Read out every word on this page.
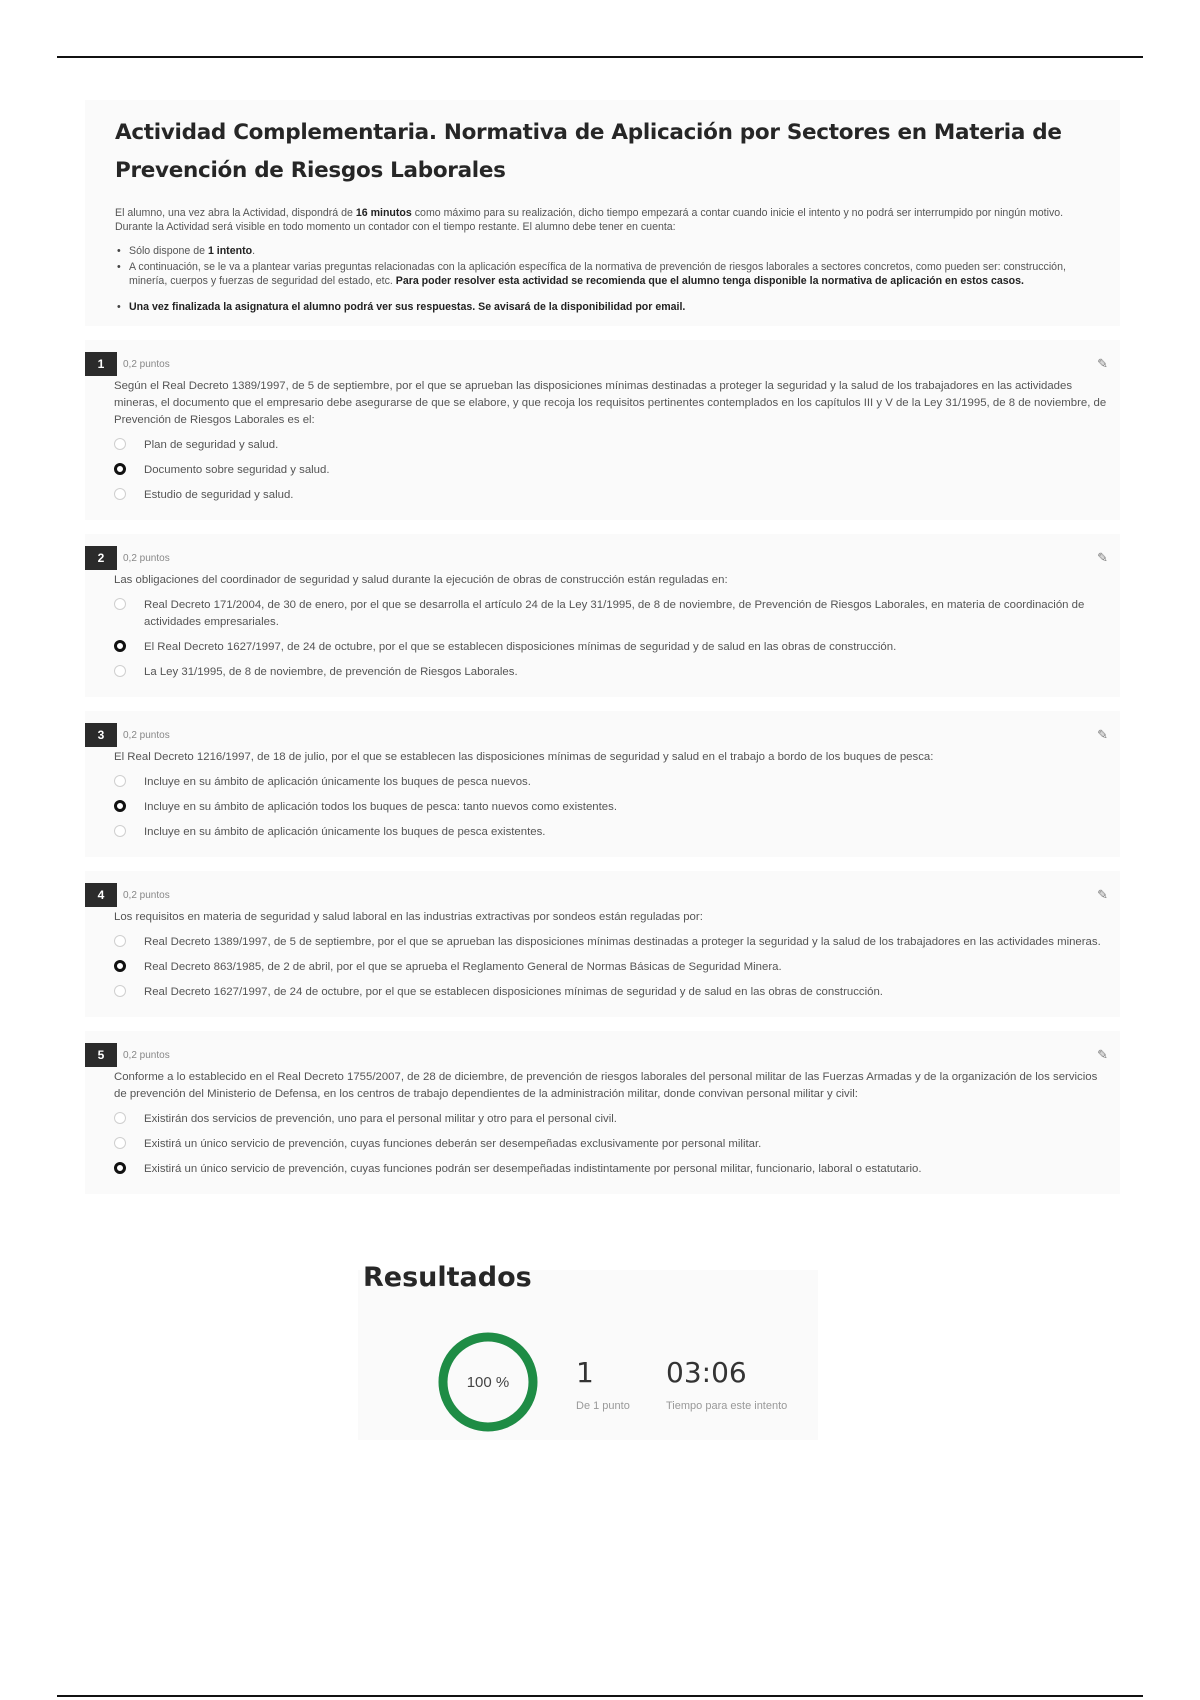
Actividad Complementaria. Normativa de Aplicación por Sectores en Materia de Prevención de Riesgos Laborales

El alumno, una vez abra la Actividad, dispondrá de 16 minutos como máximo para su realización, dicho tiempo empezará a contar cuando inicie el intento y no podrá ser interrumpido por ningún motivo. Durante la Actividad será visible en todo momento un contador con el tiempo restante. El alumno debe tener en cuenta:

• Sólo dispone de 1 intento.
• A continuación, se le va a plantear varias preguntas relacionadas con la aplicación específica de la normativa de prevención de riesgos laborales a sectores concretos, como pueden ser: construcción, minería, cuerpos y fuerzas de seguridad del estado, etc. Para poder resolver esta actividad se recomienda que el alumno tenga disponible la normativa de aplicación en estos casos.
• Una vez finalizada la asignatura el alumno podrá ver sus respuestas. Se avisará de la disponibilidad por email.
1	0,2 puntos	✎
Según el Real Decreto 1389/1997, de 5 de septiembre, por el que se aprueban las disposiciones mínimas destinadas a proteger la seguridad y la salud de los trabajadores en las actividades mineras, el documento que el empresario debe asegurarse de que se elabore, y que recoja los requisitos pertinentes contemplados en los capítulos III y V de la Ley 31/1995, de 8 de noviembre, de Prevención de Riesgos Laborales es el:
Plan de seguridad y salud.
Documento sobre seguridad y salud.
Estudio de seguridad y salud.
2	0,2 puntos	✎
Las obligaciones del coordinador de seguridad y salud durante la ejecución de obras de construcción están reguladas en:
Real Decreto 171/2004, de 30 de enero, por el que se desarrolla el artículo 24 de la Ley 31/1995, de 8 de noviembre, de Prevención de Riesgos Laborales, en materia de coordinación de actividades empresariales.
El Real Decreto 1627/1997, de 24 de octubre, por el que se establecen disposiciones mínimas de seguridad y de salud en las obras de construcción.
La Ley 31/1995, de 8 de noviembre, de prevención de Riesgos Laborales.
3	0,2 puntos	✎
El Real Decreto 1216/1997, de 18 de julio, por el que se establecen las disposiciones mínimas de seguridad y salud en el trabajo a bordo de los buques de pesca:
Incluye en su ámbito de aplicación únicamente los buques de pesca nuevos.
Incluye en su ámbito de aplicación todos los buques de pesca: tanto nuevos como existentes.
Incluye en su ámbito de aplicación únicamente los buques de pesca existentes.
4	0,2 puntos	✎
Los requisitos en materia de seguridad y salud laboral en las industrias extractivas por sondeos están reguladas por:
Real Decreto 1389/1997, de 5 de septiembre, por el que se aprueban las disposiciones mínimas destinadas a proteger la seguridad y la salud de los trabajadores en las actividades mineras.
Real Decreto 863/1985, de 2 de abril, por el que se aprueba el Reglamento General de Normas Básicas de Seguridad Minera.
Real Decreto 1627/1997, de 24 de octubre, por el que se establecen disposiciones mínimas de seguridad y de salud en las obras de construcción.
5	0,2 puntos	✎
Conforme a lo establecido en el Real Decreto 1755/2007, de 28 de diciembre, de prevención de riesgos laborales del personal militar de las Fuerzas Armadas y de la organización de los servicios de prevención del Ministerio de Defensa, en los centros de trabajo dependientes de la administración militar, donde convivan personal militar y civil:
Existirán dos servicios de prevención, uno para el personal militar y otro para el personal civil.
Existirá un único servicio de prevención, cuyas funciones deberán ser desempeñadas exclusivamente por personal militar.
Existirá un único servicio de prevención, cuyas funciones podrán ser desempeñadas indistintamente por personal militar, funcionario, laboral o estatutario.
Resultados
100 % 1
De 1 punto
03:06
Tiempo para este intento
